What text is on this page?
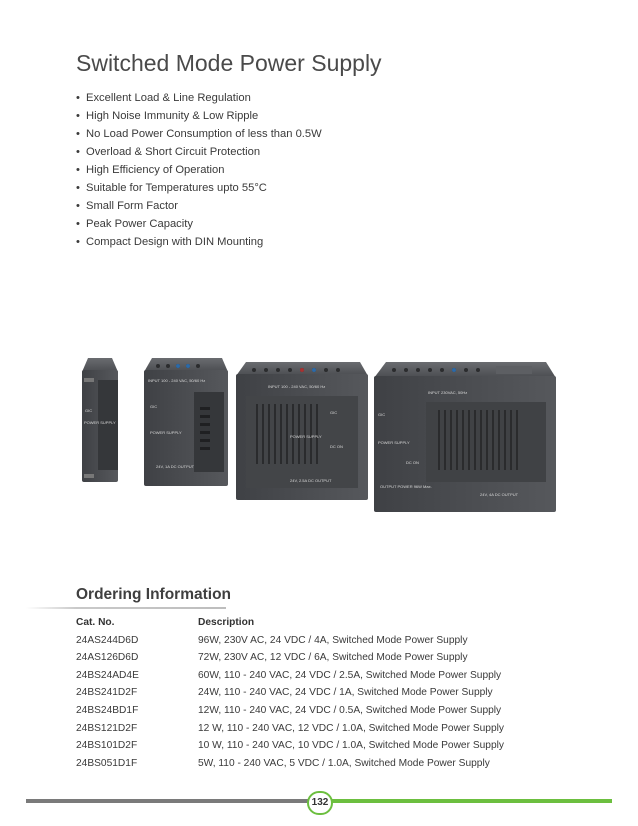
Switched Mode Power Supply
• Excellent Load & Line Regulation
• High Noise Immunity & Low Ripple
• No Load Power Consumption of less than 0.5W
• Overload & Short Circuit Protection
• High Efficiency of Operation
• Suitable for Temperatures upto 55°C
• Small Form Factor
• Peak Power Capacity
• Compact Design with DIN Mounting
GIC
POWER SUPPLY
INPUT 100 - 240 VAC, 50/60 Hz
GIC
POWER SUPPLY
24V, 1A DC OUTPUT
INPUT 100 - 240 VAC, 50/60 Hz
GIC
POWER SUPPLY
DC ON
24V, 2.5A DC OUTPUT
INPUT 230VAC, 50Hz
GIC
POWER SUPPLY
DC ON
OUTPUT POWER 96W Max.
24V, 4A DC OUTPUT
Ordering Information
Cat. No.	Description
24AS244D6D	96W, 230V AC, 24 VDC / 4A, Switched Mode Power Supply
24AS126D6D	72W, 230V AC, 12 VDC / 6A, Switched Mode Power Supply
24BS24AD4E	60W, 110 - 240 VAC, 24 VDC / 2.5A, Switched Mode Power Supply
24BS241D2F	24W, 110 - 240 VAC, 24 VDC / 1A, Switched Mode Power Supply
24BS24BD1F	12W, 110 - 240 VAC, 24 VDC / 0.5A, Switched Mode Power Supply
24BS121D2F	12 W, 110 - 240 VAC, 12 VDC / 1.0A, Switched Mode Power Supply
24BS101D2F	10 W, 110 - 240 VAC, 10 VDC / 1.0A, Switched Mode Power Supply
24BS051D1F	5W, 110 - 240 VAC, 5 VDC / 1.0A, Switched Mode Power Supply
132
